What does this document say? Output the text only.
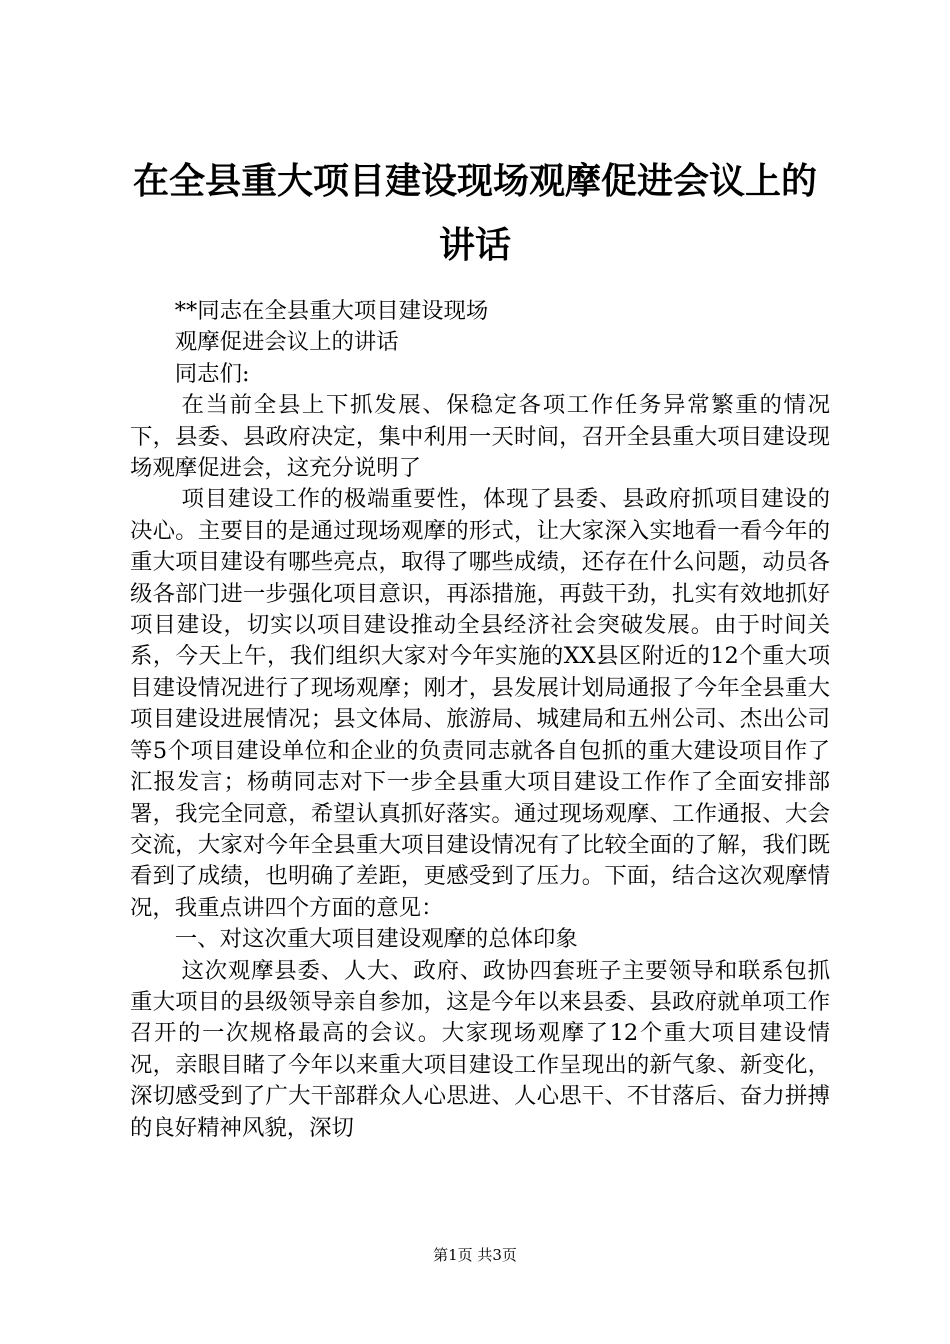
在全县重大项目建设现场观摩促进会议上的讲话

**同志在全县重大项目建设现场

观摩促进会议上的讲话

同志们:

在当前全县上下抓发展、保稳定各项工作任务异常繁重的情况下，县委、县政府决定，集中利用一天时间，召开全县重大项目建设现场观摩促进会，这充分说明了

项目建设工作的极端重要性，体现了县委、县政府抓项目建设的决心。主要目的是通过现场观摩的形式，让大家深入实地看一看今年的重大项目建设有哪些亮点，取得了哪些成绩，还存在什么问题，动员各级各部门进一步强化项目意识，再添措施，再鼓干劲，扎实有效地抓好项目建设，切实以项目建设推动全县经济社会突破发展。由于时间关系，今天上午，我们组织大家对今年实施的XX县区附近的12个重大项目建设情况进行了现场观摩；刚才，县发展计划局通报了今年全县重大项目建设进展情况；县文体局、旅游局、城建局和五州公司、杰出公司等5个项目建设单位和企业的负责同志就各自包抓的重大建设项目作了汇报发言；杨萌同志对下一步全县重大项目建设工作作了全面安排部署，我完全同意，希望认真抓好落实。通过现场观摩、工作通报、大会交流，大家对今年全县重大项目建设情况有了比较全面的了解，我们既看到了成绩，也明确了差距，更感受到了压力。下面，结合这次观摩情况，我重点讲四个方面的意见：

一、对这次重大项目建设观摩的总体印象

这次观摩县委、人大、政府、政协四套班子主要领导和联系包抓重大项目的县级领导亲自参加，这是今年以来县委、县政府就单项工作召开的一次规格最高的会议。大家现场观摩了12个重大项目建设情况，亲眼目睹了今年以来重大项目建设工作呈现出的新气象、新变化，深切感受到了广大干部群众人心思进、人心思干、不甘落后、奋力拼搏的良好精神风貌，深切

第1页 共3页
